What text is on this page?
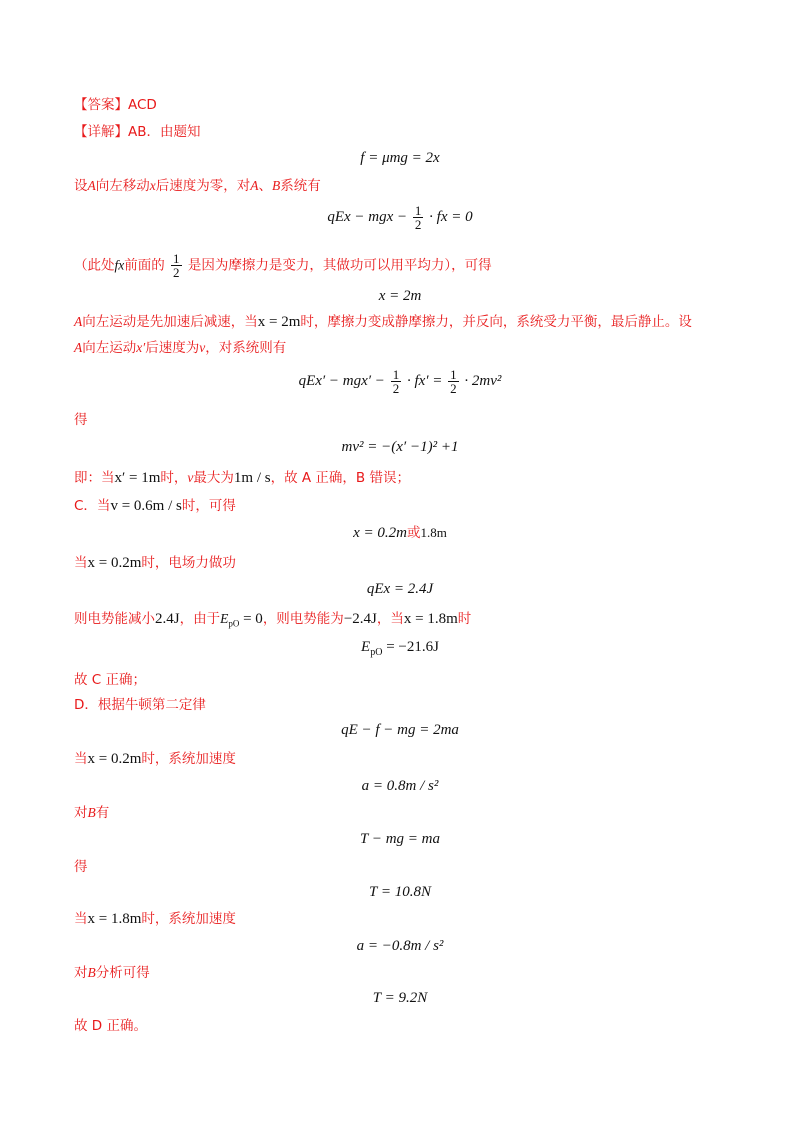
【答案】ACD
【详解】AB．由题知
f = μmg = 2x
设A向左移动x后速度为零，对A、B系统有
qEx − mgx − $\frac{1}{2}$ · fx = 0
（此处fx前面的 $\frac{1}{2}$ 是因为摩擦力是变力，其做功可以用平均力），可得
x = 2m
A向左运动是先加速后减速，当x = 2m时，摩擦力变成静摩擦力，并反向，系统受力平衡，最后静止。设
A向左运动x′后速度为v，对系统则有
$qEx' - mgx' - \frac{1}{2} \cdot fx' = \frac{1}{2} \cdot 2mv^2$
得
mv² = −(x′ −1)² +1
即：当x′ = 1m时，v最大为1m / s，故 A 正确，B 错误；
C．当v = 0.6m / s时，可得
x = 0.2m或1.8m
当x = 0.2m时，电场力做功
qEx = 2.4J
则电势能减小2.4J，由于$E_{pO} = 0$，则电势能为−2.4J，当x = 1.8m时
$E_{pO} = -21.6J$
故 C 正确；
D．根据牛顿第二定律
qE − f − mg = 2ma
当x = 0.2m时，系统加速度
a = 0.8m / s²
对B有
T − mg = ma
得
T = 10.8N
当x = 1.8m时，系统加速度
a = −0.8m / s²
对B分析可得
T = 9.2N
故 D 正确。
